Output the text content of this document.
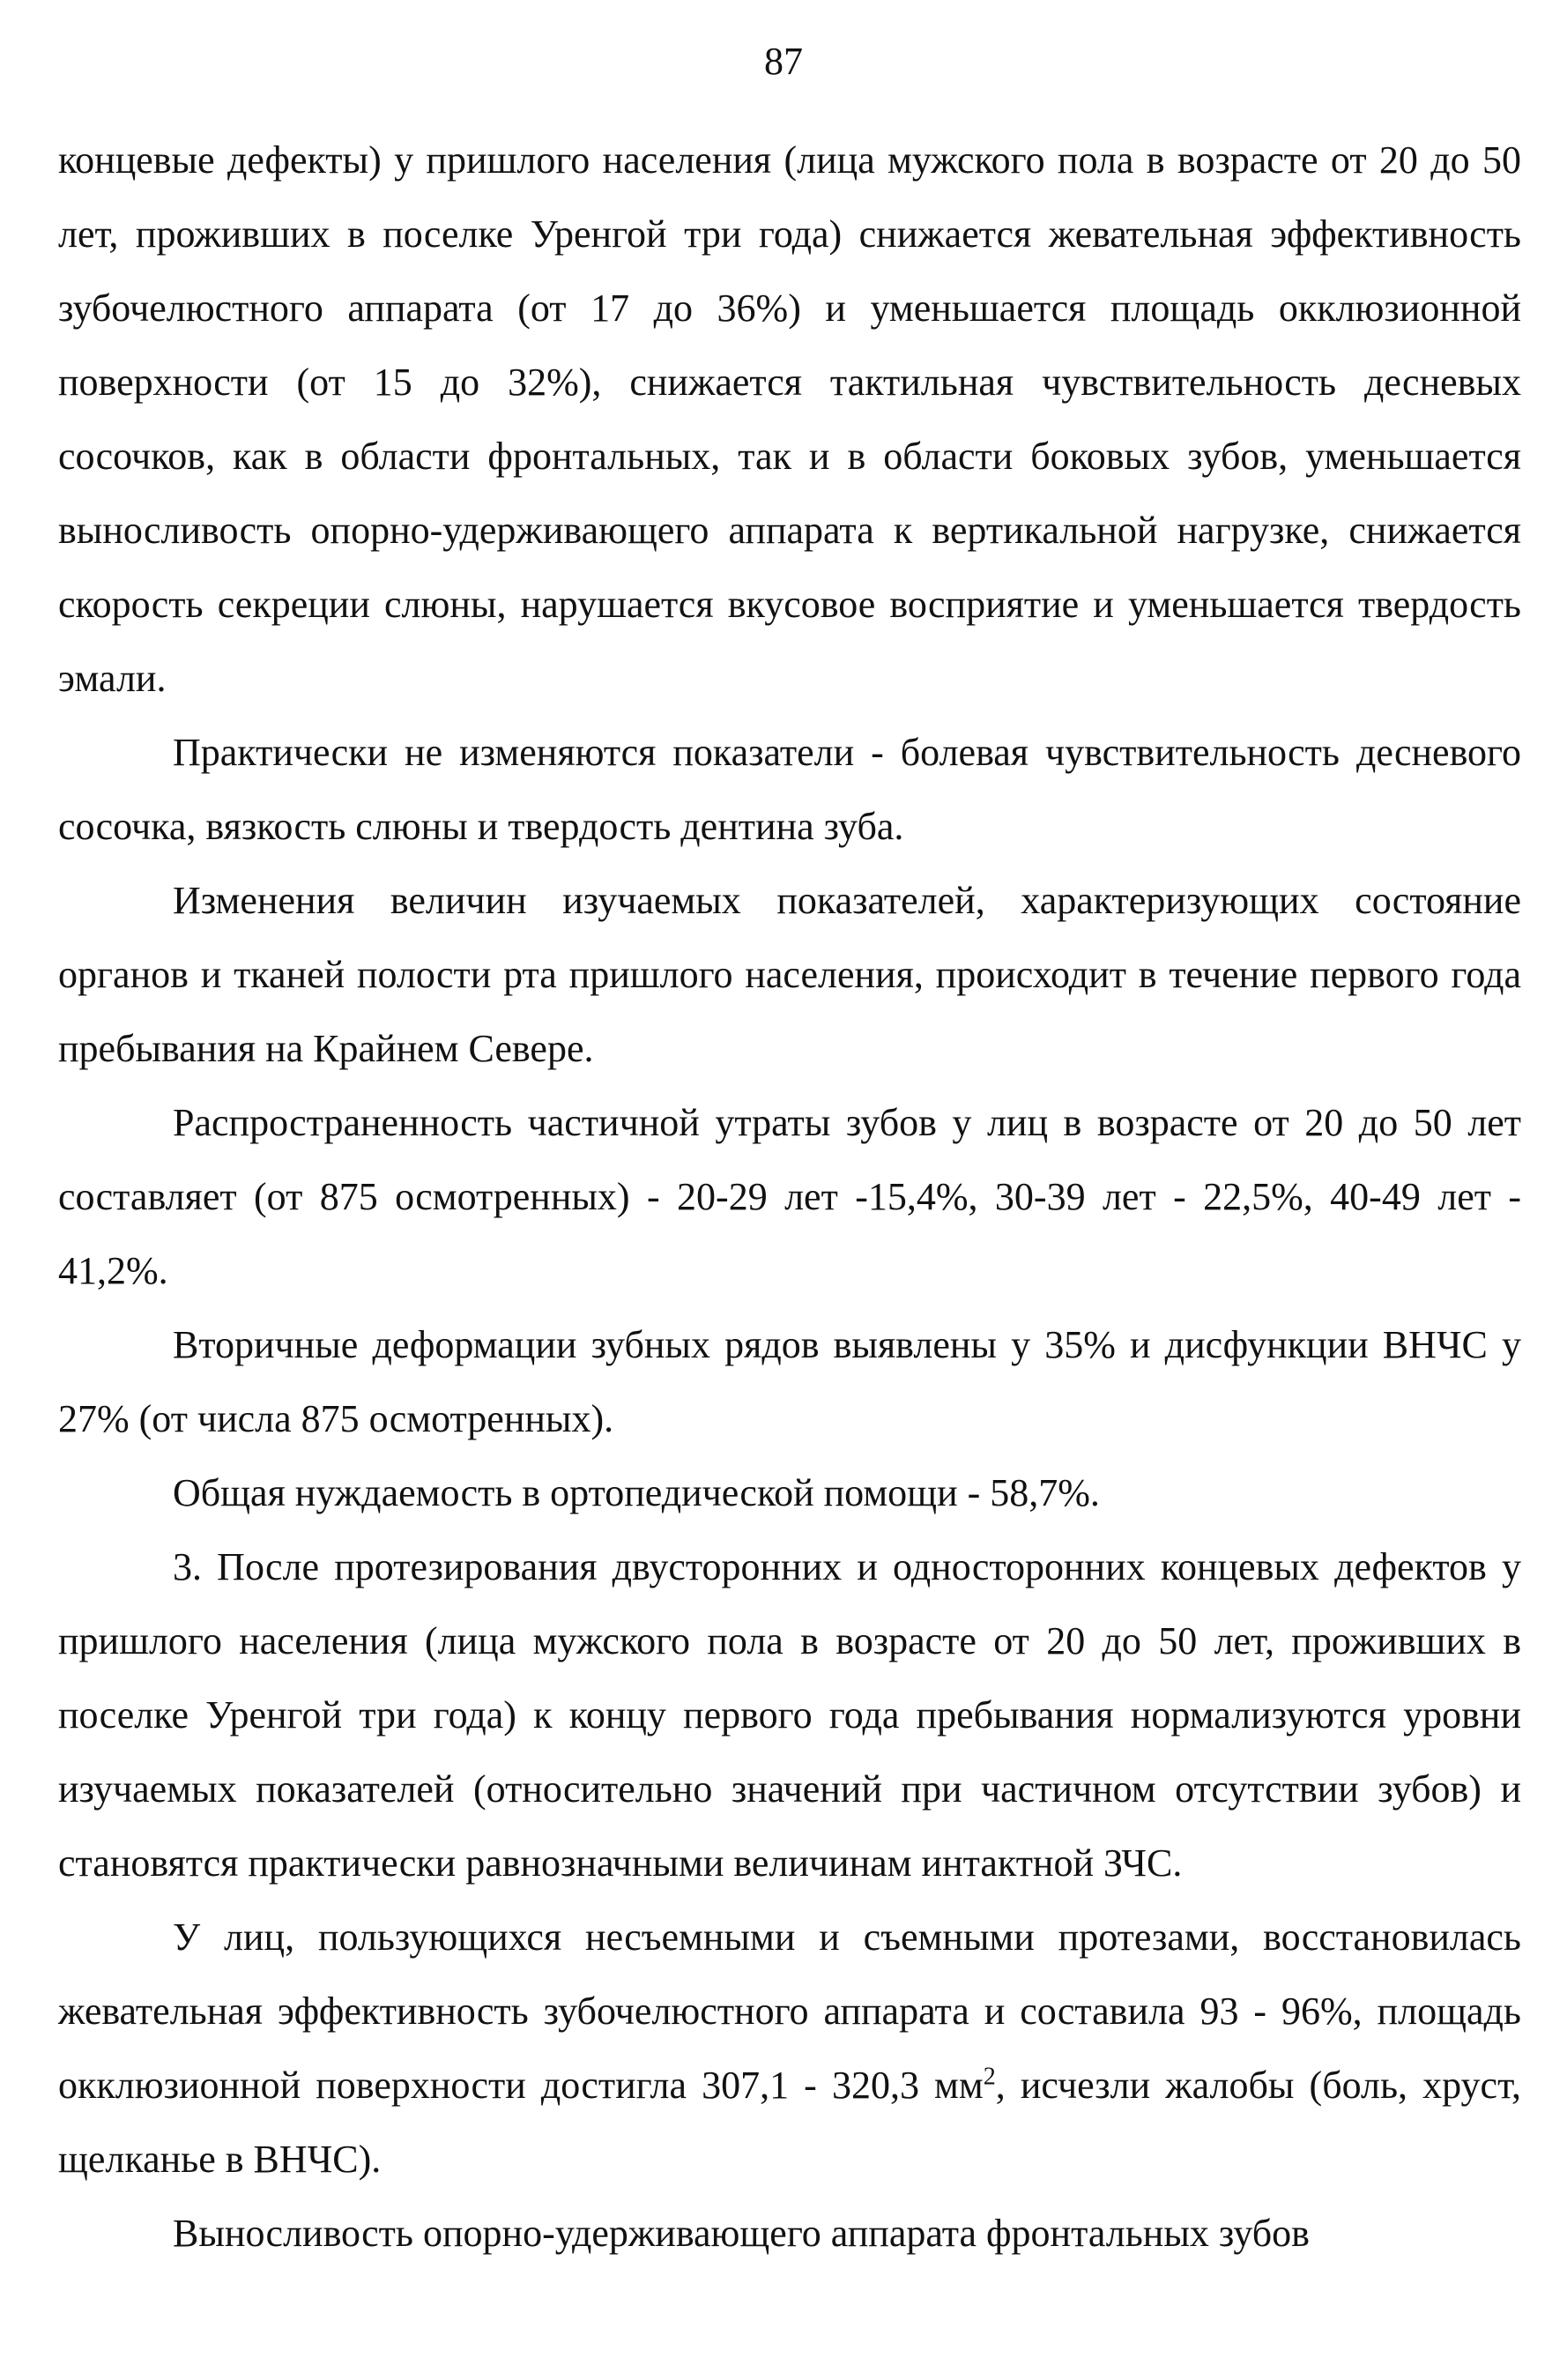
87

концевые дефекты) у пришлого населения (лица мужского пола в возрасте от 20 до 50 лет, проживших в поселке Уренгой три года) снижается жевательная эффективность зубочелюстного аппарата (от 17 до 36%) и уменьшается площадь окклюзионной поверхности (от 15 до 32%), снижается тактильная чувствительность десневых сосочков, как в области фронтальных, так и в области боковых зубов, уменьшается выносливость опорно-удерживающего аппарата к вертикальной нагрузке, снижается скорость секреции слюны, нарушается вкусовое восприятие и уменьшается твердость эмали.

Практически не изменяются показатели - болевая чувствительность десневого сосочка, вязкость слюны и твердость дентина зуба.

Изменения величин изучаемых показателей, характеризующих состояние органов и тканей полости рта пришлого населения, происходит в течение первого года пребывания на Крайнем Севере.

Распространенность частичной утраты зубов у лиц в возрасте от 20 до 50 лет составляет (от 875 осмотренных) - 20-29 лет -15,4%, 30-39 лет - 22,5%, 40-49 лет - 41,2%.

Вторичные деформации зубных рядов выявлены у 35% и дисфункции ВНЧС у 27% (от числа 875 осмотренных).

Общая нуждаемость в ортопедической помощи - 58,7%.

3. После протезирования двусторонних и односторонних концевых дефектов у пришлого населения (лица мужского пола в возрасте от 20 до 50 лет, проживших в поселке Уренгой три года) к концу первого года пребывания нормализуются уровни изучаемых показателей (относительно значений при частичном отсутствии зубов) и становятся практически равнозначными величинам интактной ЗЧС.

У лиц, пользующихся несъемными и съемными протезами, восстановилась жевательная эффективность зубочелюстного аппарата и составила 93 - 96%, площадь окклюзионной поверхности достигла 307,1 - 320,3 $мм^2$, исчезли жалобы (боль, хруст, щелканье в ВНЧС).

Выносливость опорно-удерживающего аппарата фронтальных зубов
